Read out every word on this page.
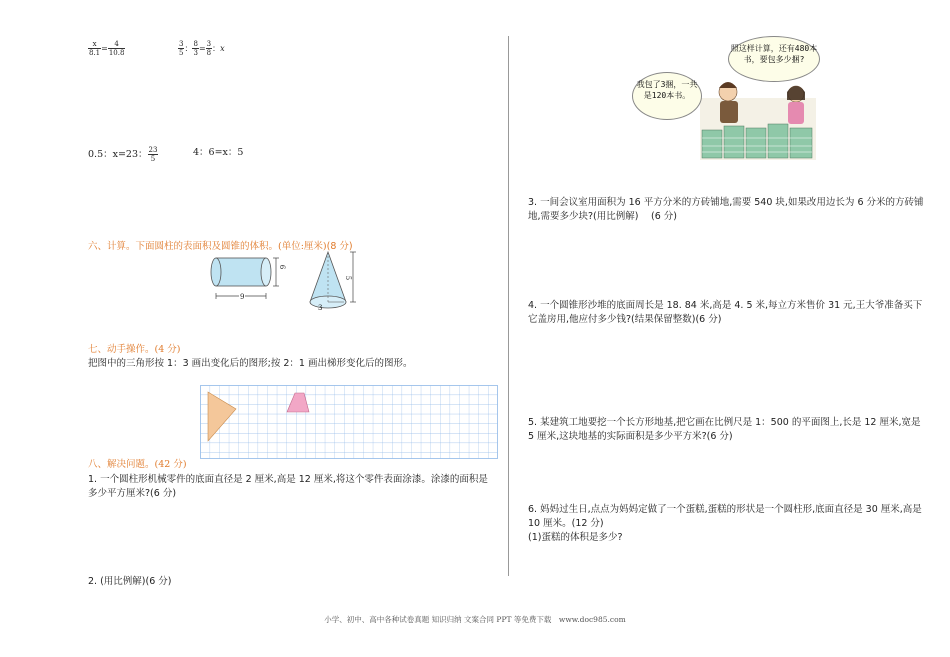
$\frac{x}{8.1} = \frac{4}{10.8}$	$\frac{3}{5}$ ： $\frac{8}{3} = \frac{3}{8}$ ：x
0.5：x=23： $\frac{23}{5}$	4：6=x：5
六、计算。下面圆柱的表面积及圆锥的体积。(单位:厘米)(8 分)
6
9
5
3
七、动手操作。(4 分)
把图中的三角形按 1：3 画出变化后的图形;按 2：1 画出梯形变化后的图形。
八、解决问题。(42 分)
1. 一个圆柱形机械零件的底面直径是 2 厘米,高是 12 厘米,将这个零件表面涂漆。涂漆的面积是多少平方厘米?(6 分)
2. (用比例解)(6 分)
我包了3捆，一共是120本书。
照这样计算，还有480本书，要包多少捆?
3. 一间会议室用面积为 16 平方分米的方砖铺地,需要 540 块,如果改用边长为 6 分米的方砖铺地,需要多少块?(用比例解)　 (6 分)
4. 一个圆锥形沙堆的底面周长是 18. 84 米,高是 4. 5 米,每立方米售价 31 元,王大爷准备买下它盖房用,他应付多少钱?(结果保留整数)(6 分)
5. 某建筑工地要挖一个长方形地基,把它画在比例尺是 1：500 的平面图上,长是 12 厘米,宽是 5 厘米,这块地基的实际面积是多少平方米?(6 分)
6. 妈妈过生日,点点为妈妈定做了一个蛋糕,蛋糕的形状是一个圆柱形,底面直径是 30 厘米,高是 10 厘米。(12 分)
(1)蛋糕的体积是多少?
小学、初中、高中各种试卷真题 知识归纳 文案合同 PPT 等免费下载　www.doc985.com
